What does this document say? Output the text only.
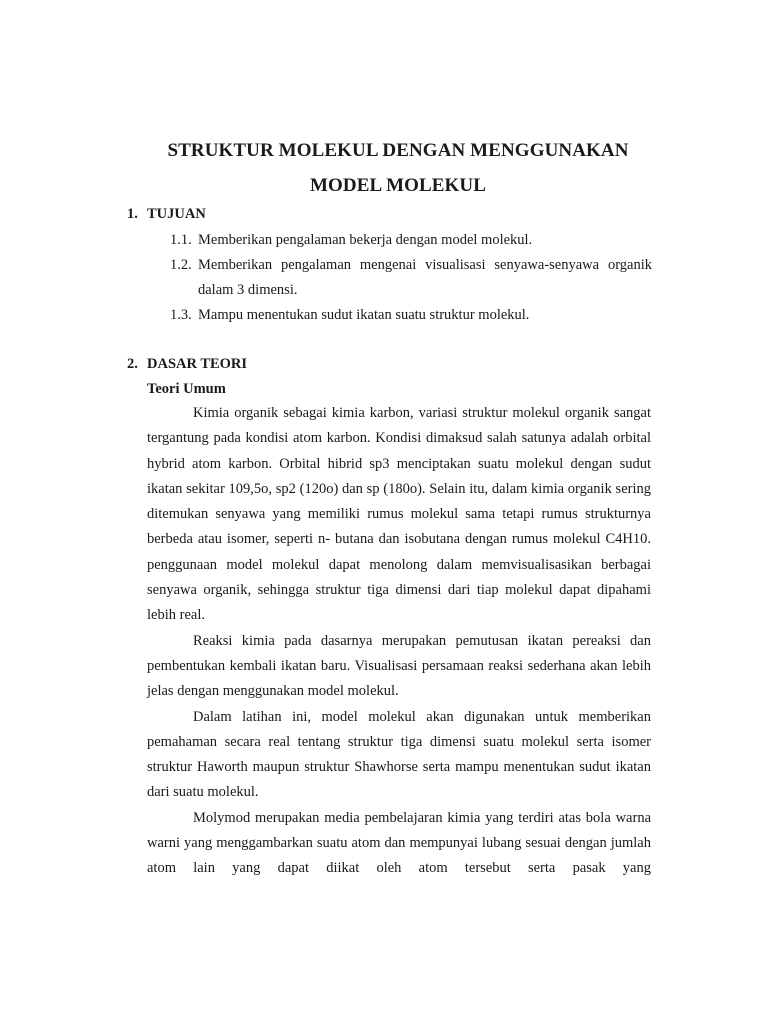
STRUKTUR MOLEKUL DENGAN MENGGUNAKAN
MODEL MOLEKUL
1. TUJUAN
1.1. Memberikan pengalaman bekerja dengan model molekul.
1.2. Memberikan pengalaman mengenai visualisasi senyawa-senyawa organik dalam 3 dimensi.
1.3. Mampu menentukan sudut ikatan suatu struktur molekul.
2. DASAR TEORI
Teori Umum

Kimia organik sebagai kimia karbon, variasi struktur molekul organik sangat tergantung pada kondisi atom karbon. Kondisi dimaksud salah satunya adalah orbital hybrid atom karbon. Orbital hibrid sp3 menciptakan suatu molekul dengan sudut ikatan sekitar 109,5o, sp2 (120o) dan sp (180o). Selain itu, dalam kimia organik sering ditemukan senyawa yang memiliki rumus molekul sama tetapi rumus strukturnya berbeda atau isomer, seperti n- butana dan isobutana dengan rumus molekul C4H10. penggunaan model molekul dapat menolong dalam memvisualisasikan berbagai senyawa organik, sehingga struktur tiga dimensi dari tiap molekul dapat dipahami lebih real.

Reaksi kimia pada dasarnya merupakan pemutusan ikatan pereaksi dan pembentukan kembali ikatan baru. Visualisasi persamaan reaksi sederhana akan lebih jelas dengan menggunakan model molekul.

Dalam latihan ini, model molekul akan digunakan untuk memberikan pemahaman secara real tentang struktur tiga dimensi suatu molekul serta isomer struktur Haworth maupun struktur Shawhorse serta mampu menentukan sudut ikatan dari suatu molekul.

Molymod merupakan media pembelajaran kimia yang terdiri atas bola warna warni yang menggambarkan suatu atom dan mempunyai lubang sesuai dengan jumlah atom lain yang dapat diikat oleh atom tersebut serta pasak yang
